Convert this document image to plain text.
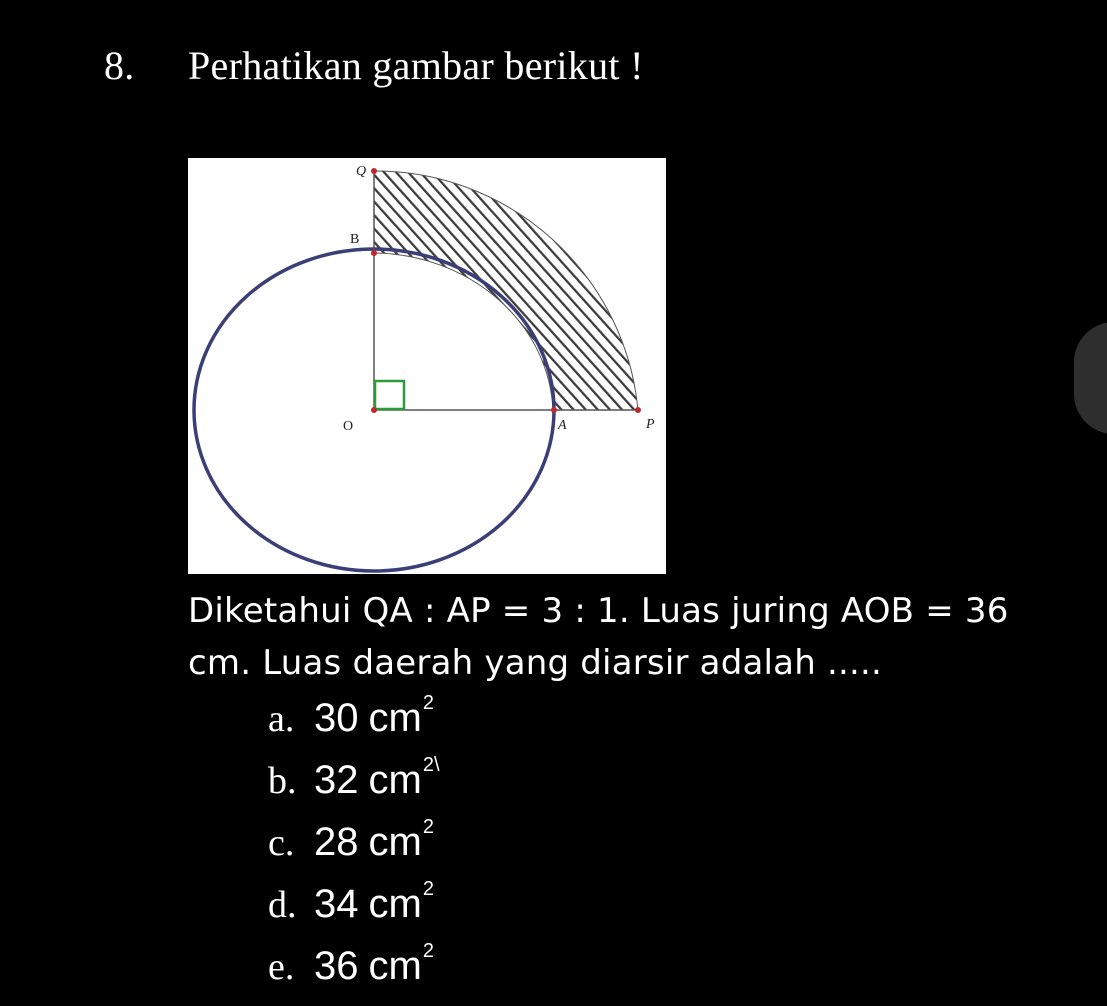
8. Perhatikan gambar berikut !
Q
B
O	A	P
Diketahui QA : AP = 3 : 1. Luas juring AOB = 36
cm. Luas daerah yang diarsir adalah .....
a. 30 cm 2
b. 32 cm 2\
c. 28 cm 2
d. 34 cm 2
e. 36 cm 2
